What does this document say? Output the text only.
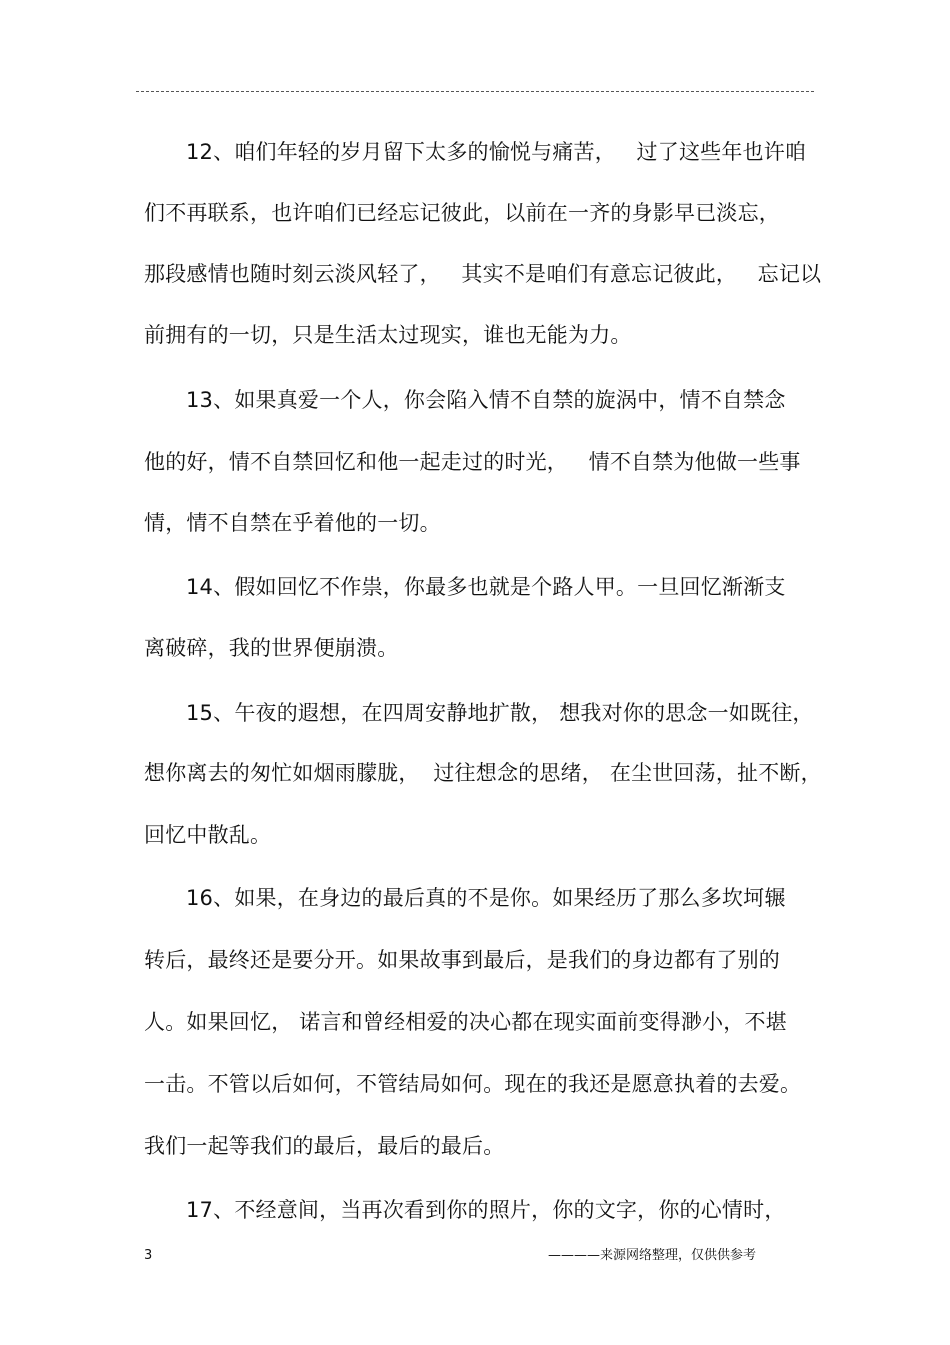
12、咱们年轻的岁月留下太多的愉悦与痛苦，   过了这些年也许咱
们不再联系，也许咱们已经忘记彼此，以前在一齐的身影早已淡忘，
那段感情也随时刻云淡风轻了，   其实不是咱们有意忘记彼此，   忘记以
前拥有的一切，只是生活太过现实，谁也无能为力。
13、如果真爱一个人，你会陷入情不自禁的旋涡中，情不自禁念
他的好，情不自禁回忆和他一起走过的时光，   情不自禁为他做一些事
情，情不自禁在乎着他的一切。
14、假如回忆不作祟，你最多也就是个路人甲。一旦回忆渐渐支
离破碎，我的世界便崩溃。
15、午夜的遐想，在四周安静地扩散， 想我对你的思念一如既往，
想你离去的匆忙如烟雨朦胧，  过往想念的思绪， 在尘世回荡，扯不断，
回忆中散乱。
16、如果，在身边的最后真的不是你。如果经历了那么多坎坷辗
转后，最终还是要分开。如果故事到最后，是我们的身边都有了别的
人。如果回忆， 诺言和曾经相爱的决心都在现实面前变得渺小，不堪
一击。不管以后如何，不管结局如何。现在的我还是愿意执着的去爱。
我们一起等我们的最后，最后的最后。
17、不经意间，当再次看到你的照片，你的文字，你的心情时，
3	————来源网络整理，仅供供参考
